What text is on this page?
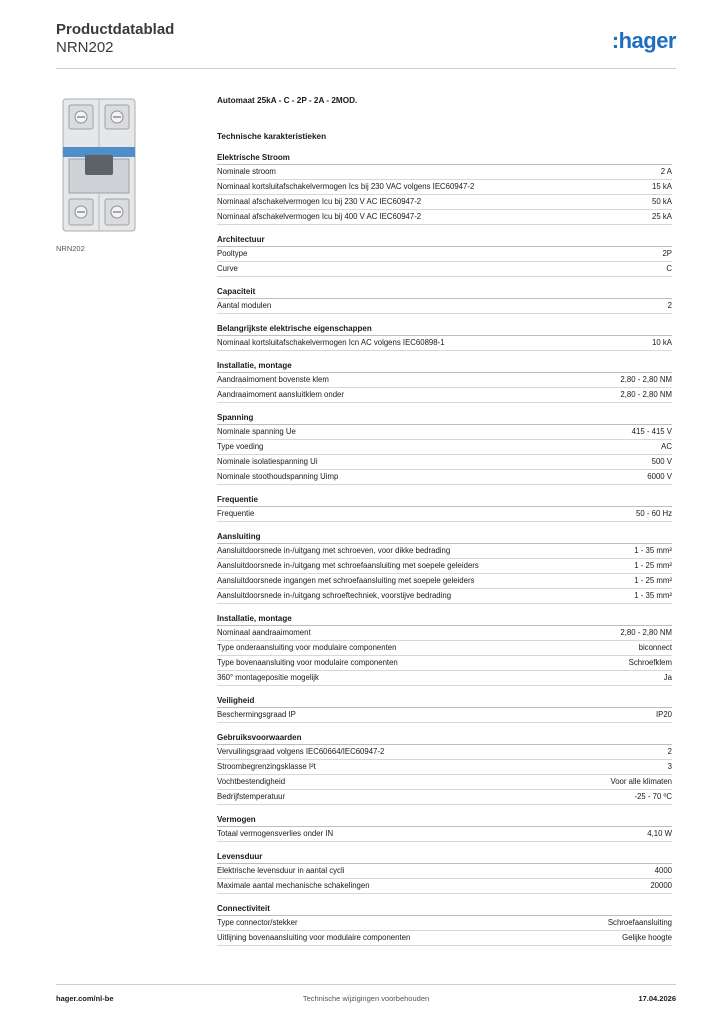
Productdatablad
NRN202	:hager
NRN202
Automaat 25kA - C - 2P - 2A - 2MOD.
Technische karakteristieken
Elektrische Stroom
Nominale stroom	2 A
Nominaal kortsluitafschakelvermogen Ics bij 230 VAC volgens IEC60947-2	15 kA
Nominaal afschakelvermogen Icu bij 230 V AC IEC60947-2	50 kA
Nominaal afschakelvermogen Icu bij 400 V AC IEC60947-2	25 kA
Architectuur
Pooltype	2P
Curve	C
Capaciteit
Aantal modulen	2
Belangrijkste elektrische eigenschappen
Nominaal kortsluitafschakelvermogen Icn AC volgens IEC60898-1	10 kA
Installatie, montage
Aandraaimoment bovenste klem	2,80 - 2,80 NM
Aandraaimoment aansluitklem onder	2,80 - 2,80 NM
Spanning
Nominale spanning Ue	415 - 415 V
Type voeding	AC
Nominale isolatiespanning Ui	500 V
Nominale stoothoudspanning Uimp	6000 V
Frequentie
Frequentie	50 - 60 Hz
Aansluiting
Aansluitdoorsnede in-/uitgang met schroeven, voor dikke bedrading	1 - 35 mm²
Aansluitdoorsnede in-/uitgang met schroefaansluiting met soepele geleiders	1 - 25 mm²
Aansluitdoorsnede ingangen met schroefaansluiting met soepele geleiders	1 - 25 mm²
Aansluitdoorsnede in-/uitgang schroeftechniek, voorstijve bedrading	1 - 35 mm²
Installatie, montage
Nominaal aandraaimoment	2,80 - 2,80 NM
Type onderaansluiting voor modulaire componenten	biconnect
Type bovenaansluiting voor modulaire componenten	Schroefklem
360° montagepositie mogelijk	Ja
Veiligheid
Beschermingsgraad IP	IP20
Gebruiksvoorwaarden
Vervuilingsgraad volgens IEC60664/IEC60947-2	2
Stroombegrenzingsklasse I²t	3
Vochtbestendigheid	Voor alle klimaten
Bedrijfstemperatuur	-25 - 70 ºC
Vermogen
Totaal vermogensverlies onder IN	4,10 W
Levensduur
Elektrische levensduur in aantal cycli	4000
Maximale aantal mechanische schakelingen	20000
Connectiviteit
Type connector/stekker	Schroefaansluiting
Uitlijning bovenaansluiting voor modulaire componenten	Gelijke hoogte
hager.com/nl-be	Technische wijzigingen voorbehouden	17.04.2026
